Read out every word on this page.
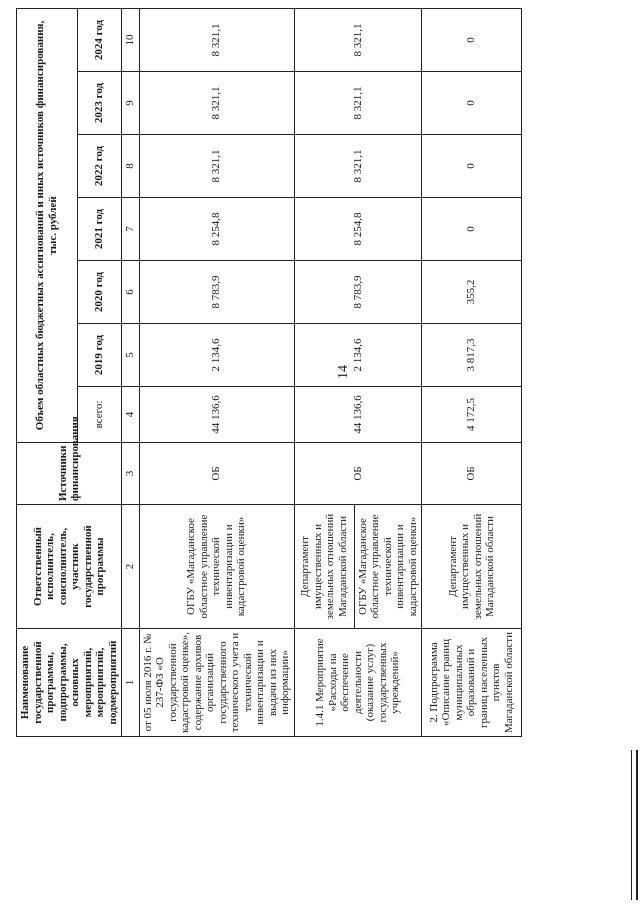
14
Наименование государственной программы, подпрограммы, основных мероприятий, мероприятий, подмероприятий	Ответственный исполнитель, соисполнитель, участник государственной программы	Источники финансирования	Объем областных бюджетных ассигнований и иных источников финансирования, тыс. рублей						
			всего:	2019 год	2020 год	2021 год	2022 год	2023 год	2024 год
1	2	3	4	5	6	7	8	9	10
от 05 июля 2016 г. № 237-ФЗ «О государственной кадастровой оценке», содержание архивов организаций государственного технического учета и технической инвентаризации и выдачи из них информации»	ОГБУ «Магаданское областное управление технической инвентаризации и кадастровой оценки»	ОБ	44 136,6	2 134,6	8 783,9	8 254,8	8 321,1	8 321,1	8 321,1
1.4.1 Мероприятие «Расходы на обеспечение деятельности (оказание услуг) государственных учреждений»	Департамент имущественных и земельных отношений Магаданской области	ОБ	44 136,6	2 134,6	8 783,9	8 254,8	8 321,1	8 321,1	8 321,1
	ОГБУ «Магаданское областное управление технической инвентаризации и кадастровой оценки»								
2. Подпрограмма «Описание границ муниципальных образований и границ населенных пунктов Магаданской области	Департамент имущественных и земельных отношений Магаданской области	ОБ	4 172,5	3 817,3	355,2	0	0	0	0
